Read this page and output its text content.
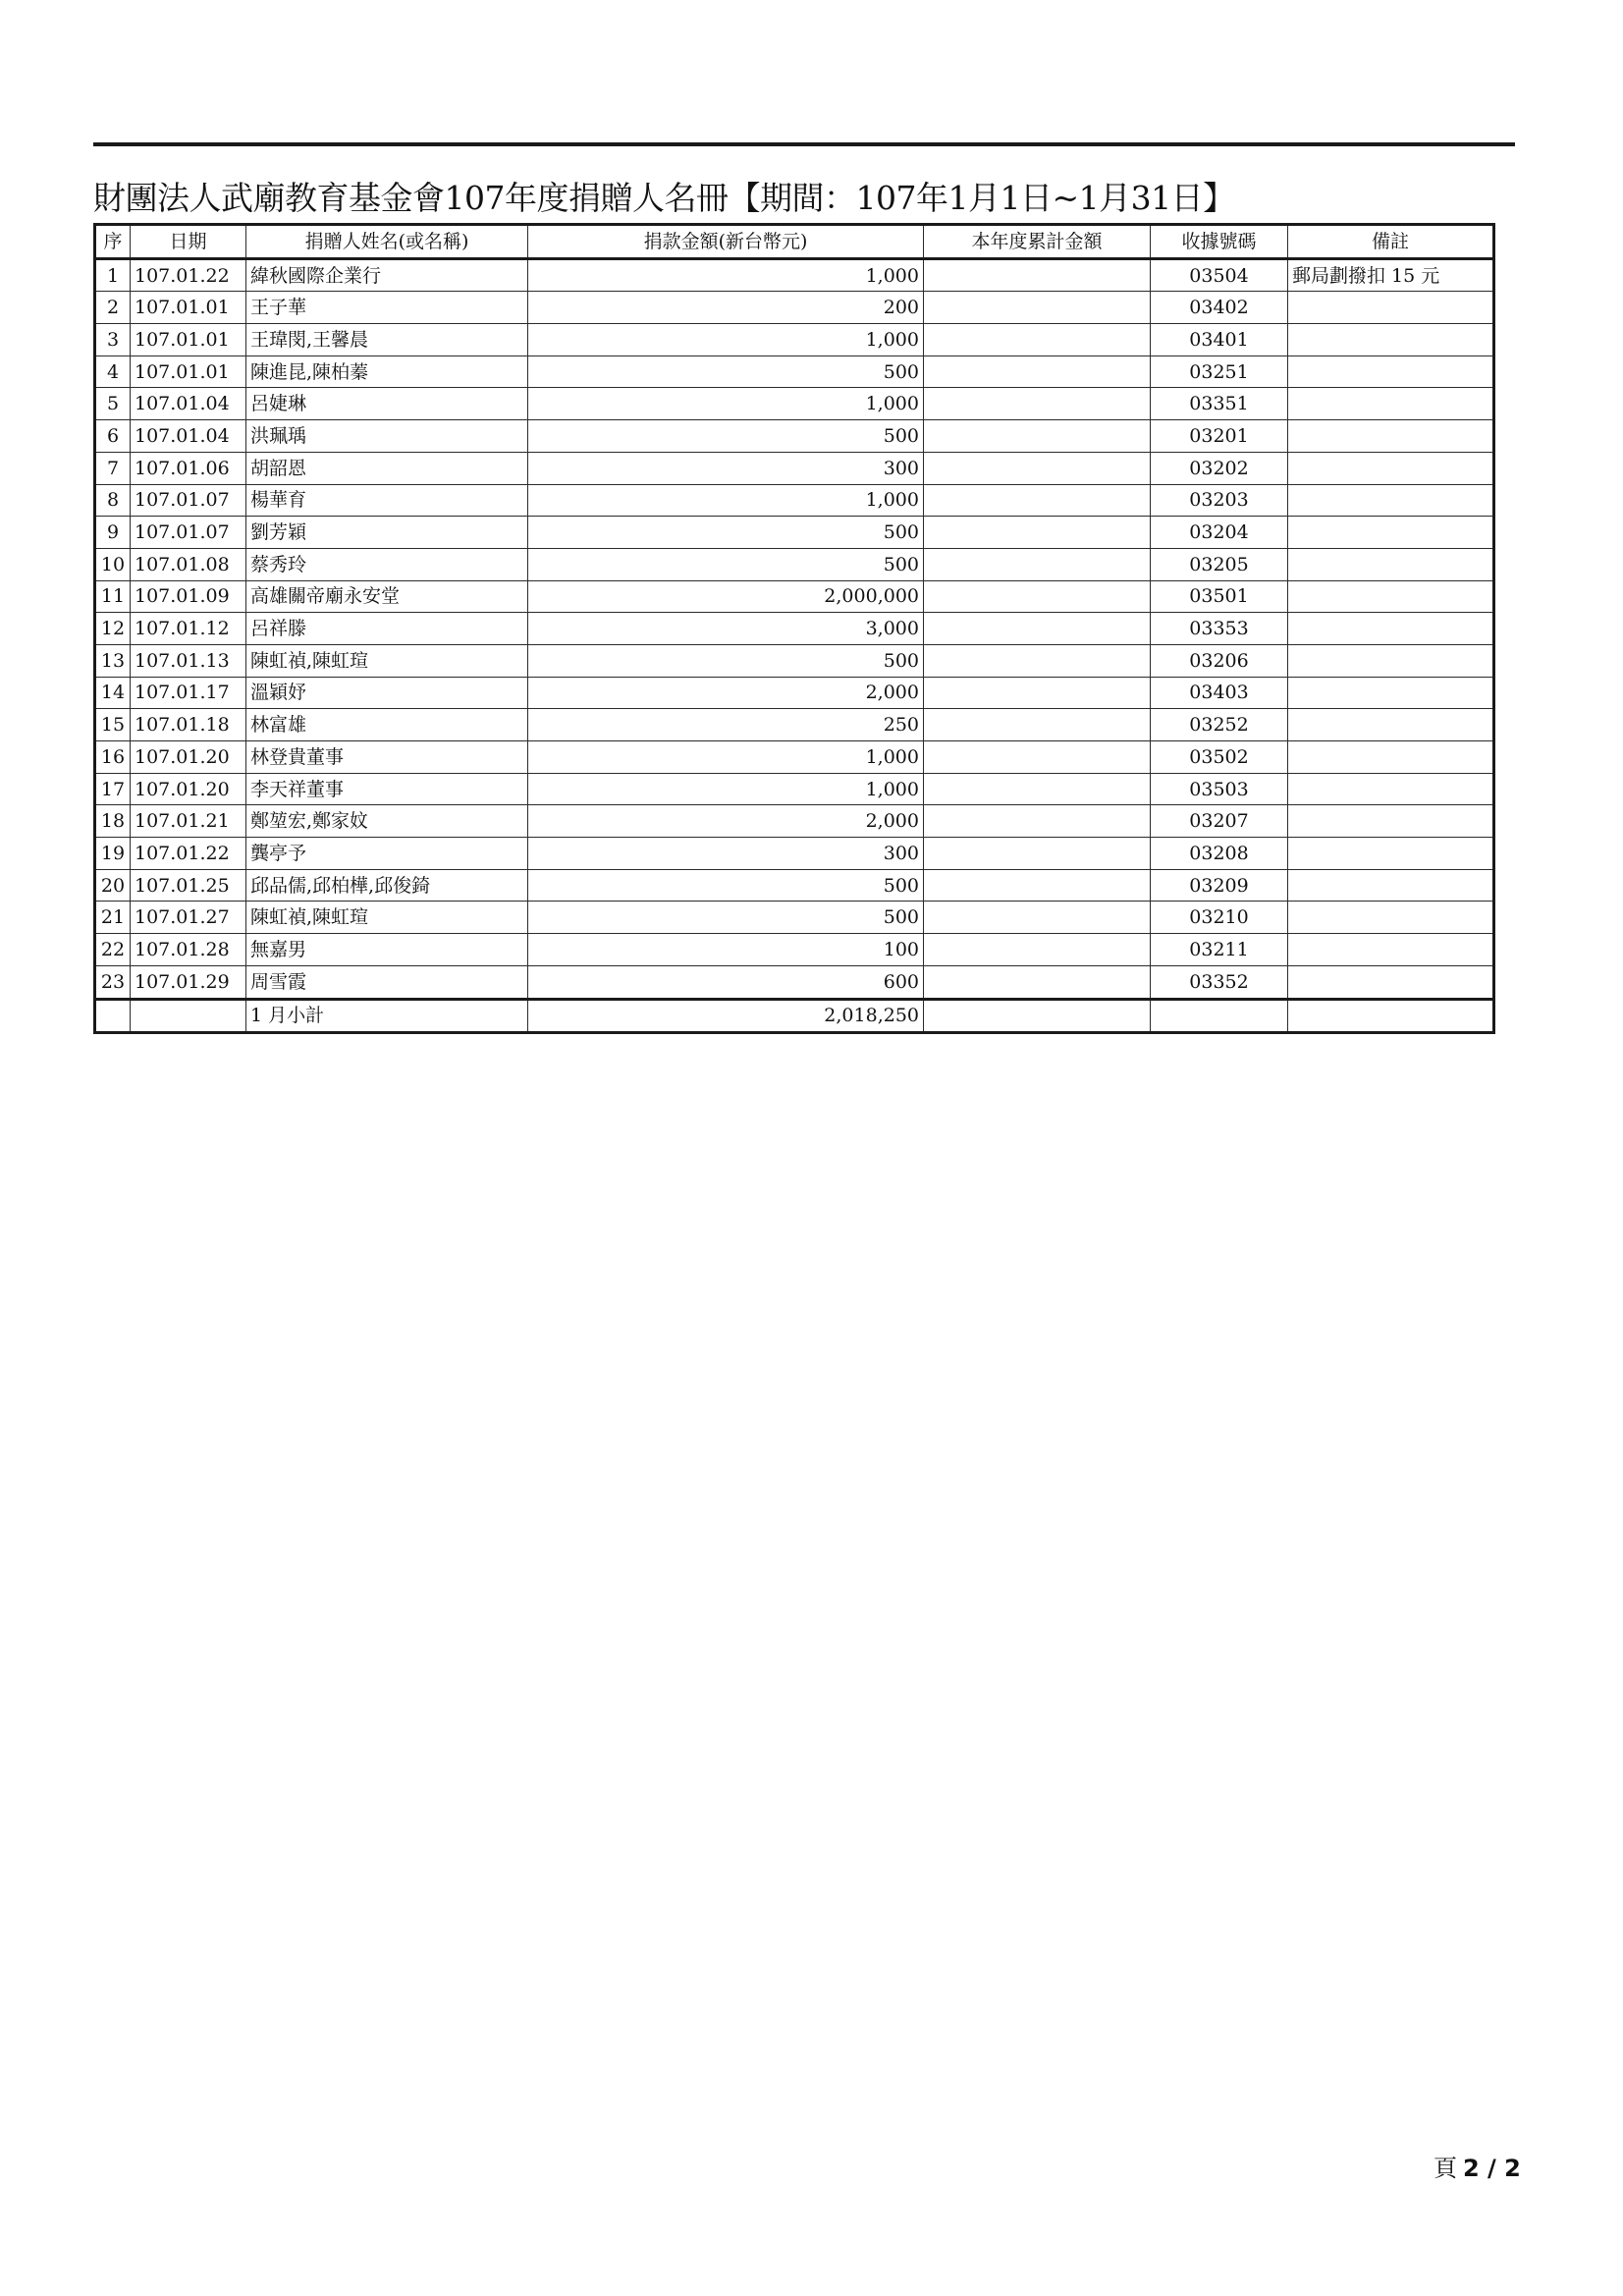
財團法人武廟教育基金會107年度捐贈人名冊【期間：107年1月1日~1月31日】
序	日期	捐贈人姓名(或名稱)	捐款金額(新台幣元)	本年度累計金額	收據號碼	備註
1	107.01.22	緯秋國際企業行	1,000		03504	郵局劃撥扣 15 元
2	107.01.01	王子華	200		03402	
3	107.01.01	王瑋閔,王馨晨	1,000		03401	
4	107.01.01	陳進昆,陳柏蓁	500		03251	
5	107.01.04	呂婕琳	1,000		03351	
6	107.01.04	洪珮瑀	500		03201	
7	107.01.06	胡韶恩	300		03202	
8	107.01.07	楊華育	1,000		03203	
9	107.01.07	劉芳穎	500		03204	
10	107.01.08	蔡秀玲	500		03205	
11	107.01.09	高雄關帝廟永安堂	2,000,000		03501	
12	107.01.12	呂祥滕	3,000		03353	
13	107.01.13	陳虹禎,陳虹瑄	500		03206	
14	107.01.17	溫穎妤	2,000		03403	
15	107.01.18	林富雄	250		03252	
16	107.01.20	林登貴董事	1,000		03502	
17	107.01.20	李天祥董事	1,000		03503	
18	107.01.21	鄭堃宏,鄭家妏	2,000		03207	
19	107.01.22	龔亭予	300		03208	
20	107.01.25	邱品儒,邱柏樺,邱俊錡	500		03209	
21	107.01.27	陳虹禎,陳虹瑄	500		03210	
22	107.01.28	無嘉男	100		03211	
23	107.01.29	周雪霞	600		03352	
		1 月小計	2,018,250			
頁 2 / 2
